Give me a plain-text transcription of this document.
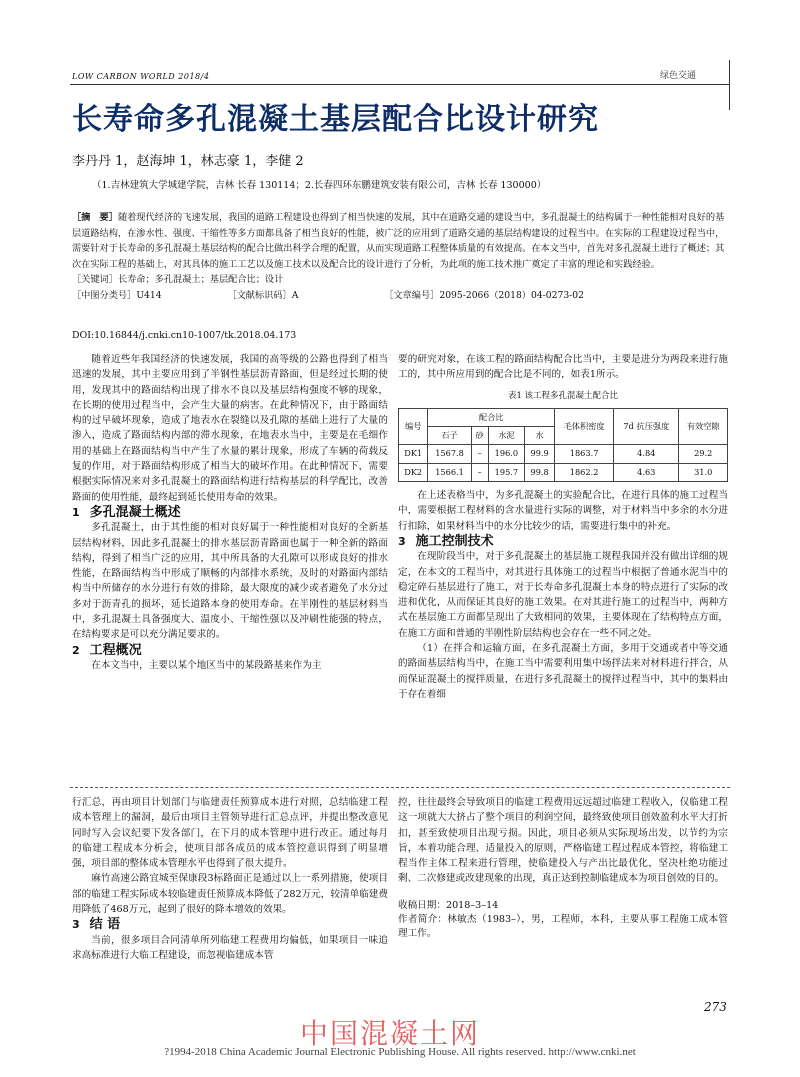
LOW CARBON WORLD 2018/4	绿色交通
长寿命多孔混凝土基层配合比设计研究
李丹丹 1，赵海坤 1，林志豪 1，李健 2
（1.吉林建筑大学城建学院，吉林 长春 130114；2.长春四环东鹏建筑安装有限公司，吉林 长春 130000）
［摘　要］随着现代经济的飞速发展，我国的道路工程建设也得到了相当快速的发展，其中在道路交通的建设当中，多孔混凝土的结构属于一种性能相对良好的基层道路结构，在渗水性、强度、干缩性等多方面都具备了相当良好的性能，被广泛的应用到了道路交通的基层结构建设的过程当中。在实际的工程建设过程当中，需要针对于长寿命的多孔混凝土基层结构的配合比做出科学合理的配置，从而实现道路工程整体质量的有效提高。在本文当中，首先对多孔混凝土进行了概述；其次在实际工程的基础上，对其具体的施工工艺以及施工技术以及配合比的设计进行了分析，为此项的施工技术推广奠定了丰富的理论和实践经验。
［关键词］长寿命；多孔混凝土；基层配合比；设计
［中图分类号］U414	［文献标识码］A	［文章编号］2095-2066（2018）04-0273-02
DOI:10.16844/j.cnki.cn10-1007/tk.2018.04.173

随着近些年我国经济的快速发展，我国的高等级的公路也得到了相当迅速的发展，其中主要应用到了半钢性基层沥青路面，但是经过长期的使用，发现其中的路面结构出现了排水不良以及基层结构强度不够的现象，在长期的使用过程当中，会产生大量的病害。在此种情况下，由于路面结构的过早破坏现象，造成了地表水在裂缝以及孔隙的基础上进行了大量的渗入，造成了路面结构内部的滞水现象，在地表水当中，主要是在毛细作用的基础上在路面结构当中产生了水量的累计现象，形成了车辆的荷载反复的作用，对于路面结构形成了相当大的破坏作用。在此种情况下，需要根据实际情况来对多孔混凝土的路面结构进行结构基层的科学配比，改善路面的使用性能，最终起到延长使用寿命的效果。

1 多孔混凝土概述

多孔混凝土，由于其性能的相对良好属于一种性能相对良好的全新基层结构材料，因此多孔混凝土的排水基层沥青路面也属于一种全新的路面结构，得到了相当广泛的应用，其中所具备的大孔隙可以形成良好的排水性能，在路面结构当中形成了顺畅的内部排水系统，及时的对路面内部结构当中所储存的水分进行有效的排除，最大限度的减少或者避免了水分过多对于沥青孔的损坏，延长道路本身的使用寿命。在半刚性的基层材料当中，多孔混凝土具备强度大、温度小、干缩性强以及冲刷性能强的特点，在结构要求是可以充分满足要求的。

2 工程概况

在本文当中，主要以某个地区当中的某段路基来作为主

要的研究对象，在该工程的路面结构配合比当中，主要是进分为两段来进行施工的，其中所应用到的配合比是不同的，如表1所示。

表1 该工程多孔混凝土配合比
编号	配合比				毛体积密度	7d 抗压强度	有效空隙
	石子	砂	水泥	水			
DK1	1567.8	–	196.0	99.9	1863.7	4.84	29.2
DK2	1566.1	–	195.7	99.8	1862.2	4.63	31.0

在上述表格当中，为多孔混凝土的实验配合比，在进行具体的施工过程当中，需要根据工程材料的含水量进行实际的调整，对于材料当中多余的水分进行扣除，如果材料当中的水分比较少的话，需要进行集中的补充。

3 施工控制技术

在现阶段当中，对于多孔混凝土的基层施工规程我国并没有做出详细的规定，在本文的工程当中，对其进行具体施工的过程当中根据了普通水泥当中的稳定碎石基层进行了施工，对于长寿命多孔混凝土本身的特点进行了实际的改进和优化，从而保证其良好的施工效果。在对其进行施工的过程当中，两种方式在基层施工方面都呈现出了大致相同的效果，主要体现在了结构特点方面，在施工方面和普通的半刚性阶层结构也会存在一些不同之处。

（1）在拌合和运输方面，在多孔混凝土方面，多用于交通或者中等交通的路面基层结构当中，在施工当中需要利用集中场拌法来对材料进行拌合，从而保证混凝土的搅拌质量，在进行多孔混凝土的搅拌过程当中，其中的集料由于存在着细

行汇总，再由项目计划部门与临建责任预算成本进行对照，总结临建工程成本管理上的漏洞，最后由项目主管领导进行汇总点评，并提出整改意见同时写入会议纪要下发各部门，在下月的成本管理中进行改正。通过每月的临建工程成本分析会，使项目部各成员的成本管控意识得到了明显增强，项目部的整体成本管理水平也得到了很大提升。

麻竹高速公路宜城至保康段3标路面正是通过以上一系列措施，使项目部的临建工程实际成本较临建责任预算成本降低了282万元，较清单临建费用降低了468万元，起到了很好的降本增效的效果。

3 结 语

当前，很多项目合同清单所列临建工程费用均偏低，如果项目一味追求高标准进行大临工程建设，而忽视临建成本管

控，往往最终会导致项目的临建工程费用远远超过临建工程收入，仅临建工程这一项就大大挤占了整个项目的利润空间，最终致使项目创效盈利水平大打折扣，甚至致使项目出现亏损。因此，项目必须从实际现场出发，以节约为宗旨，本着功能合理、适量投入的原则，严格临建工程过程成本管控，将临建工程当作主体工程来进行管理，使临建投入与产出比最优化，坚决杜绝功能过剩、二次修建或改建现象的出现，真正达到控制临建成本为项目创效的目的。

收稿日期：2018–3–14
作者简介：林敏杰（1983–），男，工程师，本科，主要从事工程施工成本管理工作。
273
中国混凝土网
?1994-2018 China Academic Journal Electronic Publishing House. All rights reserved. http://www.cnki.net
